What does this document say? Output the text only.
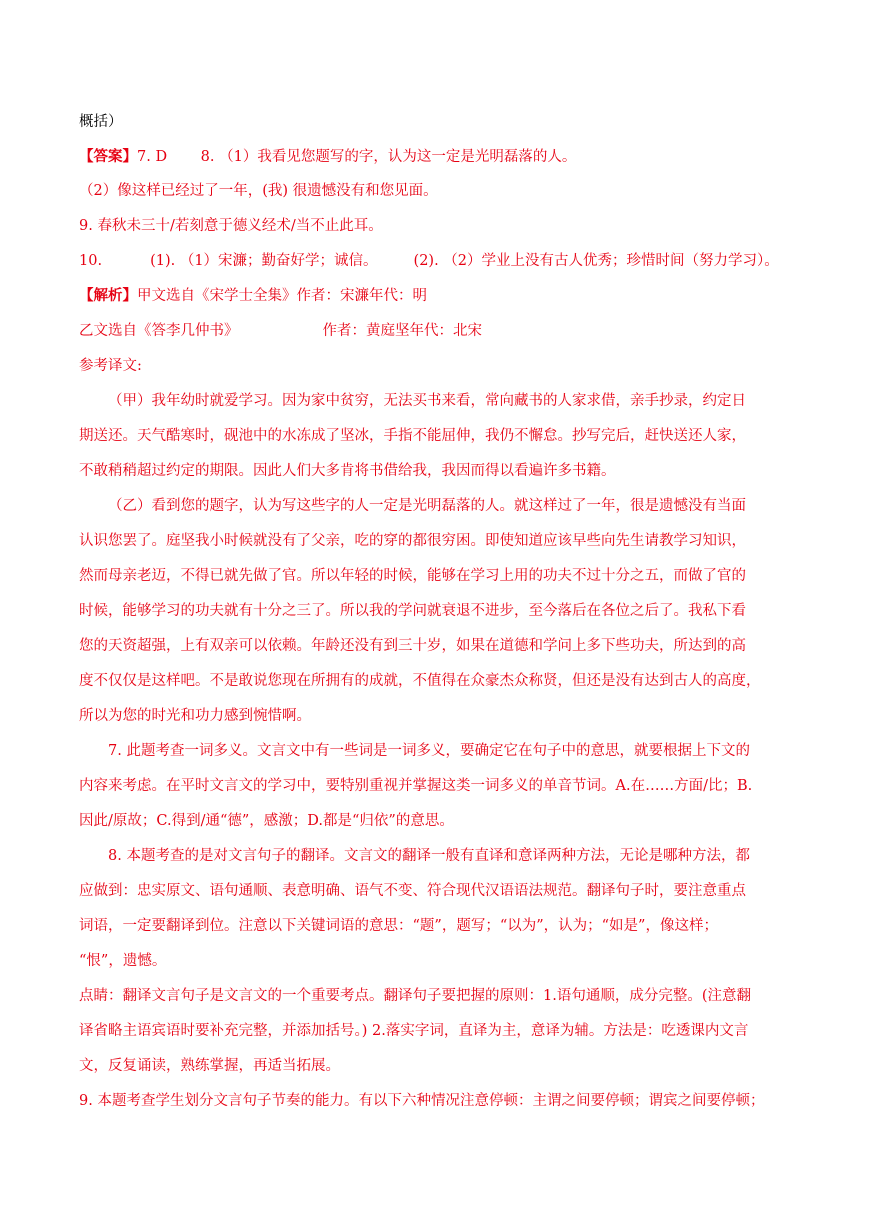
概括）
【答案】7. D　　 8. （1）我看见您题写的字，认为这一定是光明磊落的人。
（2）像这样已经过了一年，(我) 很遗憾没有和您见面。
9. 春秋未三十/若刻意于德义经术/当不止此耳。
10.	(1). （1）宋濂；勤奋好学；诚信。 (2). （2）学业上没有古人优秀；珍惜时间（努力学习）。
【解析】甲文选自《宋学士全集》作者：宋濂年代：明
乙文选自《答李几仲书》	作者：黄庭坚年代：北宋
参考译文:
（甲）我年幼时就爱学习。因为家中贫穷，无法买书来看，常向藏书的人家求借，亲手抄录，约定日
期送还。天气酷寒时，砚池中的水冻成了坚冰，手指不能屈伸，我仍不懈怠。抄写完后，赶快送还人家，
不敢稍稍超过约定的期限。因此人们大多肯将书借给我，我因而得以看遍许多书籍。
（乙）看到您的题字，认为写这些字的人一定是光明磊落的人。就这样过了一年，很是遗憾没有当面
认识您罢了。庭坚我小时候就没有了父亲，吃的穿的都很穷困。即使知道应该早些向先生请教学习知识，
然而母亲老迈，不得已就先做了官。所以年轻的时候，能够在学习上用的功夫不过十分之五，而做了官的
时候，能够学习的功夫就有十分之三了。所以我的学问就衰退不进步，至今落后在各位之后了。我私下看
您的天资超强，上有双亲可以依赖。年龄还没有到三十岁，如果在道德和学问上多下些功夫，所达到的高
度不仅仅是这样吧。不是敢说您现在所拥有的成就，不值得在众豪杰众称贤，但还是没有达到古人的高度，
所以为您的时光和功力感到惋惜啊。
7. 此题考查一词多义。文言文中有一些词是一词多义，要确定它在句子中的意思，就要根据上下文的
内容来考虑。在平时文言文的学习中，要特别重视并掌握这类一词多义的单音节词。A.在……方面/比；B.
因此/原故；C.得到/通“德”，感激；D.都是“归依”的意思。
8. 本题考查的是对文言句子的翻译。文言文的翻译一般有直译和意译两种方法，无论是哪种方法，都
应做到：忠实原文、语句通顺、表意明确、语气不变、符合现代汉语语法规范。翻译句子时，要注意重点
词语，一定要翻译到位。注意以下关键词语的意思：“题”，题写；“以为”，认为；“如是”，像这样；
“恨”，遗憾。
点睛：翻译文言句子是文言文的一个重要考点。翻译句子要把握的原则：1.语句通顺，成分完整。(注意翻
译省略主语宾语时要补充完整，并添加括号。) 2.落实字词，直译为主，意译为辅。方法是：吃透课内文言
文，反复诵读，熟练掌握，再适当拓展。
9. 本题考查学生划分文言句子节奏的能力。有以下六种情况注意停顿：主谓之间要停顿；谓宾之间要停顿；
